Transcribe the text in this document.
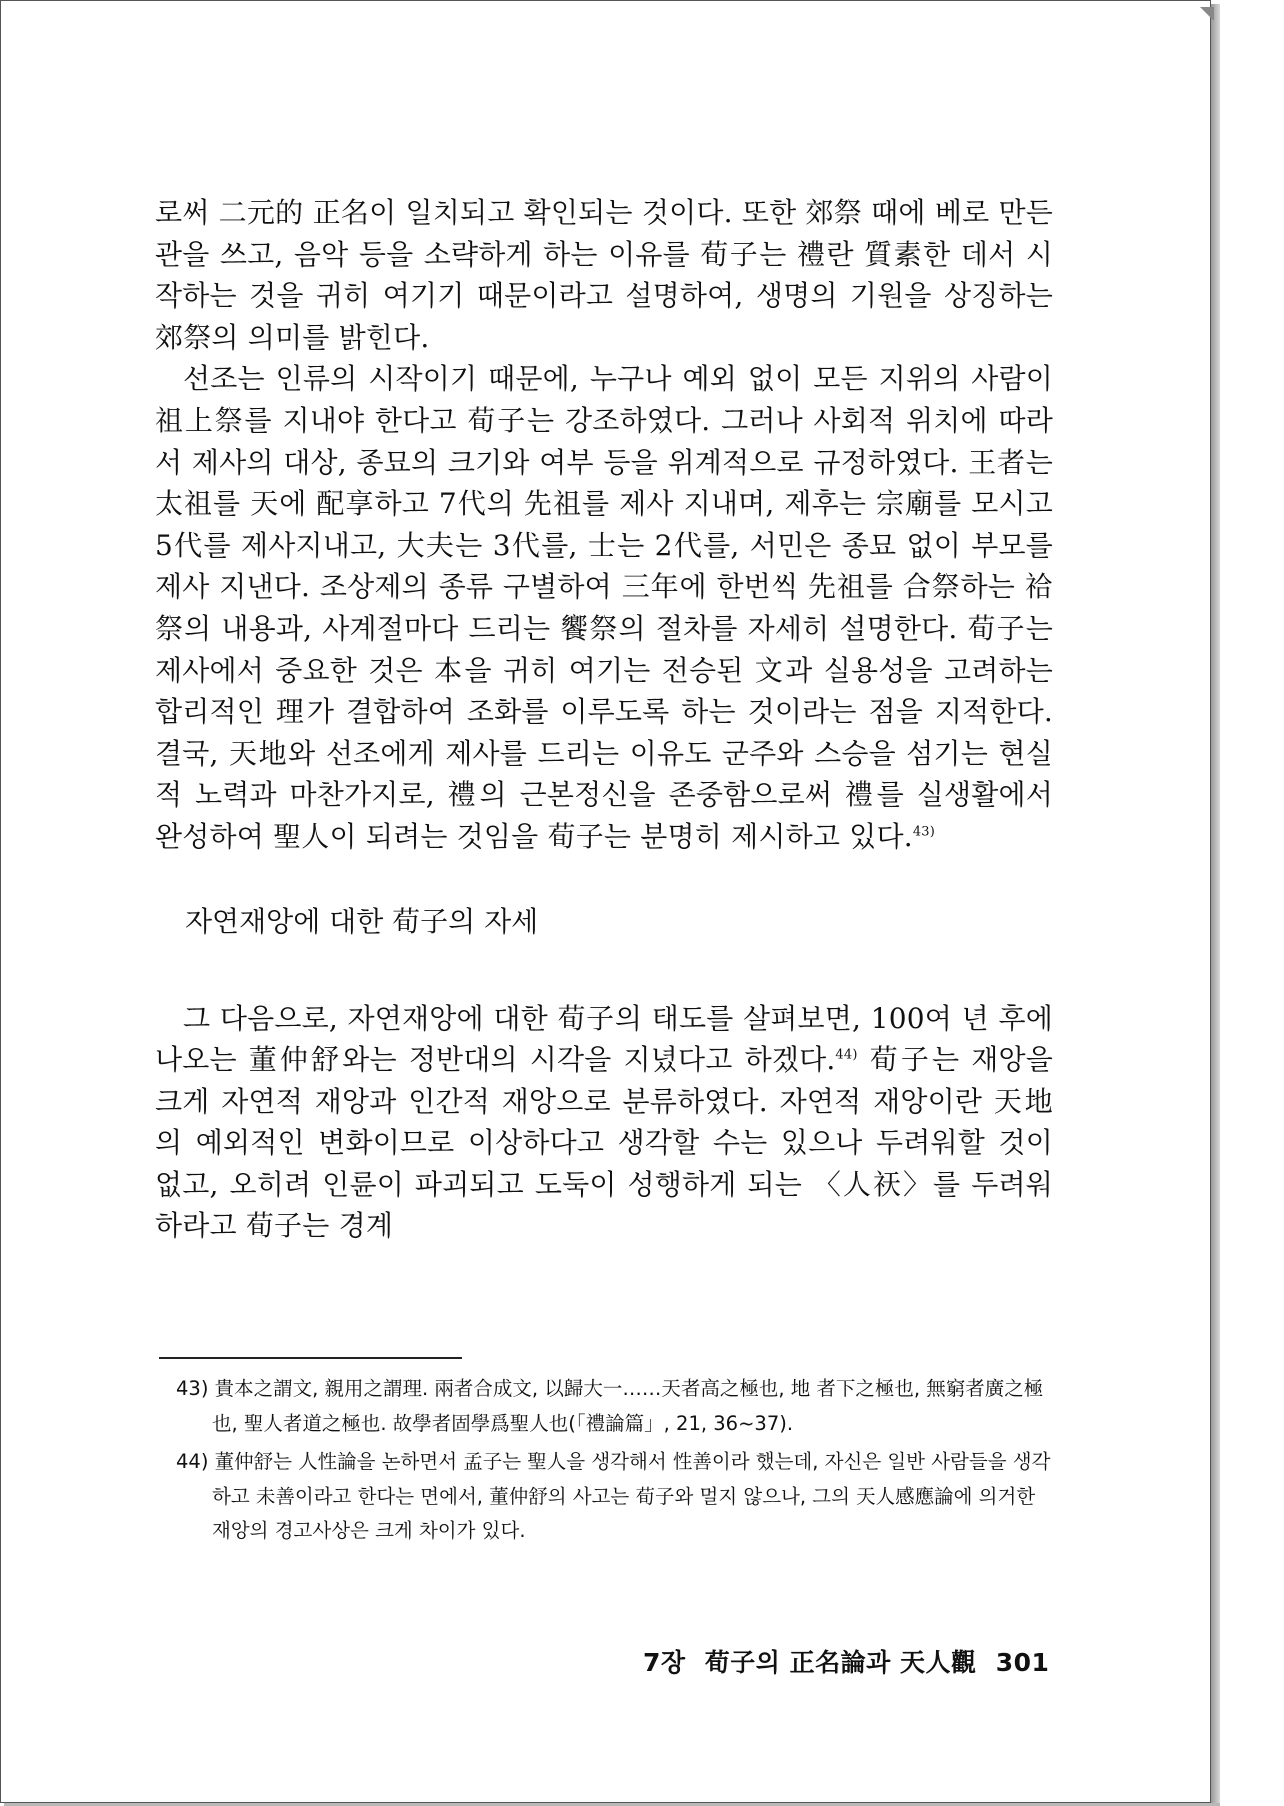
로써 二元的 正名이 일치되고 확인되는 것이다. 또한 郊祭 때에 베로 만든 관을 쓰고, 음악 등을 소략하게 하는 이유를 荀子는 禮란 質素한 데서 시작하는 것을 귀히 여기기 때문이라고 설명하여, 생명의 기원을 상징하는 郊祭의 의미를 밝힌다.

선조는 인류의 시작이기 때문에, 누구나 예외 없이 모든 지위의 사람이 祖上祭를 지내야 한다고 荀子는 강조하였다. 그러나 사회적 위치에 따라서 제사의 대상, 종묘의 크기와 여부 등을 위계적으로 규정하였다. 王者는 太祖를 天에 配享하고 7代의 先祖를 제사 지내며, 제후는 宗廟를 모시고 5代를 제사지내고, 大夫는 3代를, 士는 2代를, 서민은 종묘 없이 부모를 제사 지낸다. 조상제의 종류 구별하여 三年에 한번씩 先祖를 合祭하는 祫祭의 내용과, 사계절마다 드리는 饗祭의 절차를 자세히 설명한다. 荀子는 제사에서 중요한 것은 本을 귀히 여기는 전승된 文과 실용성을 고려하는 합리적인 理가 결합하여 조화를 이루도록 하는 것이라는 점을 지적한다. 결국, 天地와 선조에게 제사를 드리는 이유도 군주와 스승을 섬기는 현실적 노력과 마찬가지로, 禮의 근본정신을 존중함으로써 禮를 실생활에서 완성하여 聖人이 되려는 것임을 荀子는 분명히 제시하고 있다.$^{43)}$

자연재앙에 대한 荀子의 자세

그 다음으로, 자연재앙에 대한 荀子의 태도를 살펴보면, 100여 년 후에 나오는 董仲舒와는 정반대의 시각을 지녔다고 하겠다.$^{44)}$ 荀子는 재앙을 크게 자연적 재앙과 인간적 재앙으로 분류하였다. 자연적 재앙이란 天地의 예외적인 변화이므로 이상하다고 생각할 수는 있으나 두려워할 것이 없고, 오히려 인륜이 파괴되고 도둑이 성행하게 되는 〈人祆〉를 두려워하라고 荀子는 경계

43) 貴本之謂文, 親用之謂理. 兩者合成文, 以歸大一……天者高之極也, 地 者下之極也, 無窮者廣之極也, 聖人者道之極也. 故學者固學爲聖人也(「禮論篇」, 21, 36~37).

44) 董仲舒는 人性論을 논하면서 孟子는 聖人을 생각해서 性善이라 했는데, 자신은 일반 사람들을 생각하고 未善이라고 한다는 면에서, 董仲舒의 사고는 荀子와 멀지 않으나, 그의 天人感應論에 의거한 재앙의 경고사상은 크게 차이가 있다.

7장 荀子의 正名論과 天人觀 301
